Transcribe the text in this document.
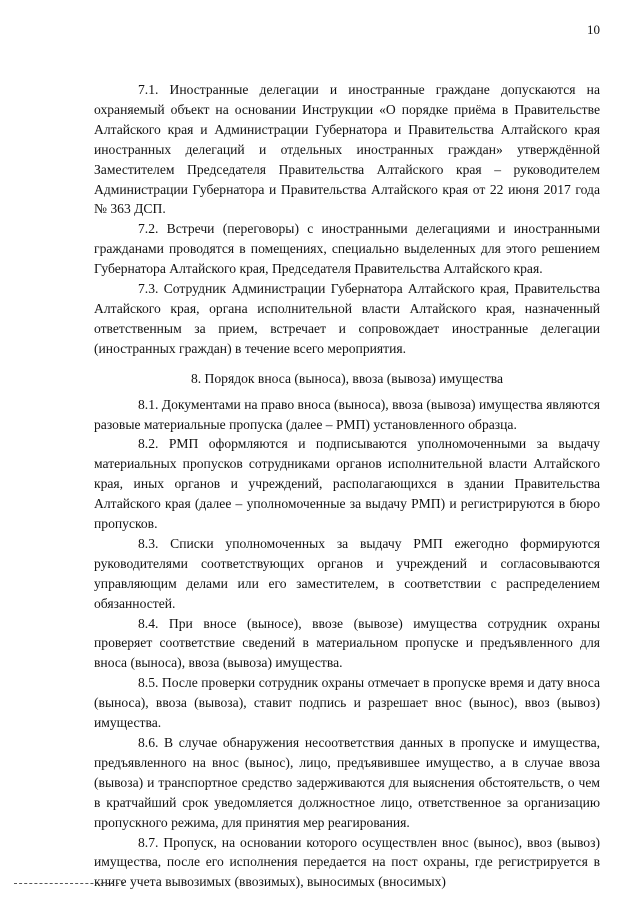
10

7.1. Иностранные делегации и иностранные граждане допускаются на охраняемый объект на основании Инструкции «О порядке приёма в Правительстве Алтайского края и Администрации Губернатора и Правительства Алтайского края иностранных делегаций и отдельных иностранных граждан» утверждённой Заместителем Председателя Правительства Алтайского края – руководителем Администрации Губернатора и Правительства Алтайского края от 22 июня 2017 года № 363 ДСП.

7.2. Встречи (переговоры) с иностранными делегациями и иностранными гражданами проводятся в помещениях, специально выделенных для этого решением Губернатора Алтайского края, Председателя Правительства Алтайского края.

7.3. Сотрудник Администрации Губернатора Алтайского края, Правительства Алтайского края, органа исполнительной власти Алтайского края, назначенный ответственным за прием, встречает и сопровождает иностранные делегации (иностранных граждан) в течение всего мероприятия.

8. Порядок вноса (выноса), ввоза (вывоза) имущества

8.1. Документами на право вноса (выноса), ввоза (вывоза) имущества являются разовые материальные пропуска (далее – РМП) установленного образца.

8.2. РМП оформляются и подписываются уполномоченными за выдачу материальных пропусков сотрудниками органов исполнительной власти Алтайского края, иных органов и учреждений, располагающихся в здании Правительства Алтайского края (далее – уполномоченные за выдачу РМП) и регистрируются в бюро пропусков.

8.3. Списки уполномоченных за выдачу РМП ежегодно формируются руководителями соответствующих органов и учреждений и согласовываются управляющим делами или его заместителем, в соответствии с распределением обязанностей.

8.4. При вносе (выносе), ввозе (вывозе) имущества сотрудник охраны проверяет соответствие сведений в материальном пропуске и предъявленного для вноса (выноса), ввоза (вывоза) имущества.

8.5. После проверки сотрудник охраны отмечает в пропуске время и дату вноса (выноса), ввоза (вывоза), ставит подпись и разрешает внос (вынос), ввоз (вывоз) имущества.

8.6. В случае обнаружения несоответствия данных в пропуске и имущества, предъявленного на внос (вынос), лицо, предъявившее имущество, а в случае ввоза (вывоза) и транспортное средство задерживаются для выяснения обстоятельств, о чем в кратчайший срок уведомляется должностное лицо, ответственное за организацию пропускного режима, для принятия мер реагирования.

8.7. Пропуск, на основании которого осуществлен внос (вынос), ввоз (вывоз) имущества, после его исполнения передается на пост охраны, где регистрируется в книге учета вывозимых (ввозимых), выносимых (вносимых)
